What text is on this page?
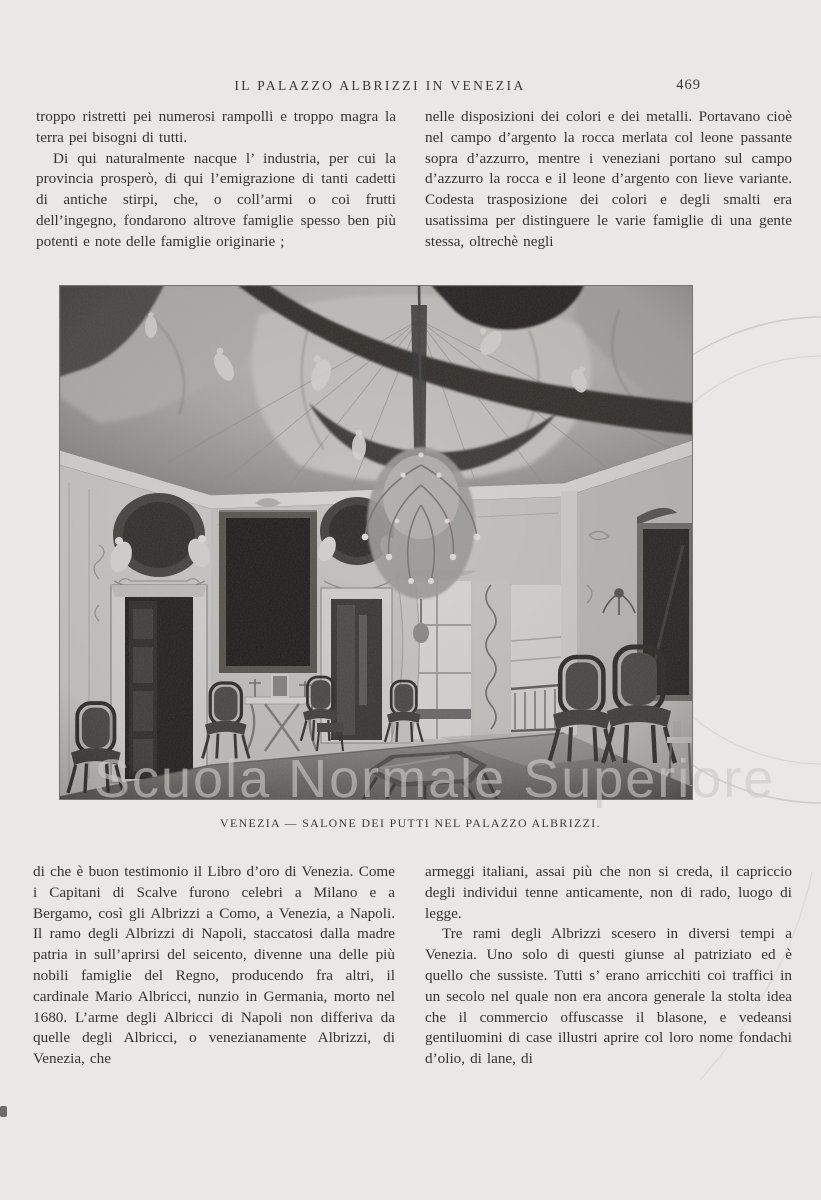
IL PALAZZO ALBRIZZI IN VENEZIA	469

troppo ristretti pei numerosi rampolli e troppo magra la terra pei bisogni di tutti.

Di qui naturalmente nacque l’ industria, per cui la provincia prosperò, di qui l’emigrazione di tanti cadetti di antiche stirpi, che, o coll’armi o coi frutti dell’ingegno, fondarono altrove famiglie spesso ben più potenti e note delle famiglie originarie ;

nelle disposizioni dei colori e dei metalli. Portavano cioè nel campo d’argento la rocca merlata col leone passante sopra d’azzurro, mentre i veneziani portano sul campo d’azzurro la rocca e il leone d’argento con lieve variante. Codesta trasposizione dei colori e degli smalti era usatissima per distinguere le varie famiglie di una gente stessa, oltrechè negli

VENEZIA — SALONE DEI PUTTI NEL PALAZZO ALBRIZZI.

di che è buon testimonio il Libro d’oro di Venezia. Come i Capitani di Scalve furono celebri a Milano e a Bergamo, così gli Albrizzi a Como, a Venezia, a Napoli. Il ramo degli Albrizzi di Napoli, staccatosi dalla madre patria in sull’aprirsi del seicento, divenne una delle più nobili famiglie del Regno, producendo fra altri, il cardinale Mario Albricci, nunzio in Germania, morto nel 1680. L’arme degli Albricci di Napoli non differiva da quelle degli Albricci, o venezianamente Albrizzi, di Venezia, che

armeggi italiani, assai più che non si creda, il capriccio degli individui tenne anticamente, non di rado, luogo di legge.

Tre rami degli Albrizzi scesero in diversi tempi a Venezia. Uno solo di questi giunse al patriziato ed è quello che sussiste. Tutti s’ erano arricchiti coi traffici in un secolo nel quale non era ancora generale la stolta idea che il commercio offuscasse il blasone, e vedeansi gentiluomini di case illustri aprire col loro nome fondachi d’olio, di lane, di

Scuola Normale Superiore
